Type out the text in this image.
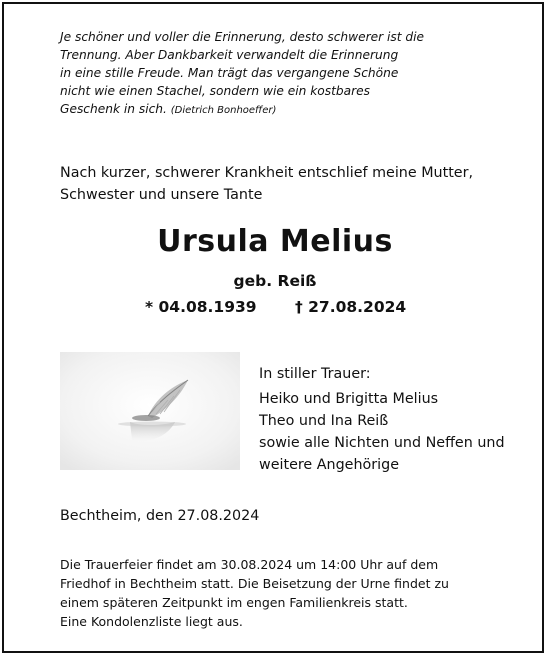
Je schöner und voller die Erinnerung, desto schwerer ist die
Trennung. Aber Dankbarkeit verwandelt die Erinnerung
in eine stille Freude. Man trägt das vergangene Schöne
nicht wie einen Stachel, sondern wie ein kostbares
Geschenk in sich. (Dietrich Bonhoeffer)
Nach kurzer, schwerer Krankheit entschlief meine Mutter,
Schwester und unsere Tante
Ursula Melius
geb. Reiß
* 04.08.1939 † 27.08.2024
In stiller Trauer:
Heiko und Brigitta Melius
Theo und Ina Reiß
sowie alle Nichten und Neffen und
weitere Angehörige
Bechtheim, den 27.08.2024
Die Trauerfeier findet am 30.08.2024 um 14:00 Uhr auf dem
Friedhof in Bechtheim statt. Die Beisetzung der Urne findet zu
einem späteren Zeitpunkt im engen Familienkreis statt.
Eine Kondolenzliste liegt aus.
